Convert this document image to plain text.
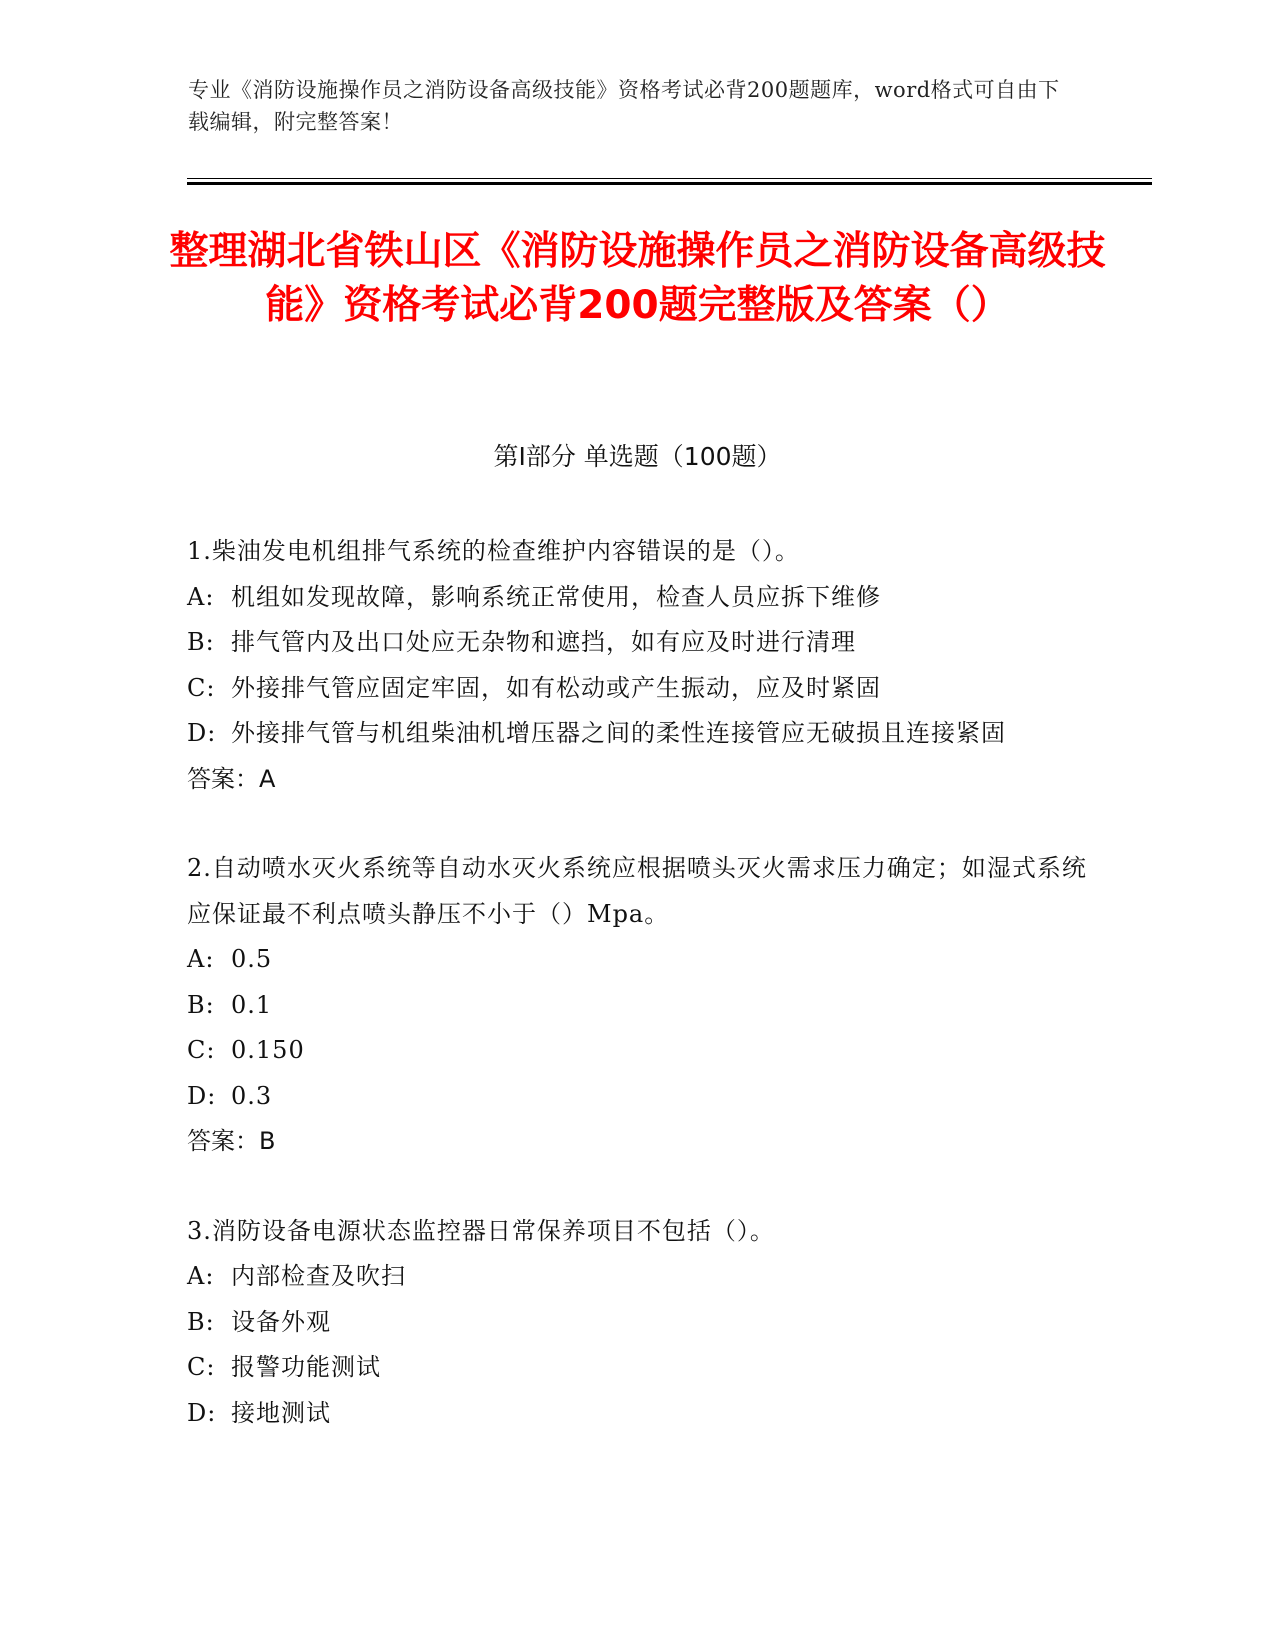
专业《消防设施操作员之消防设备高级技能》资格考试必背200题题库，word格式可自由下载编辑，附完整答案！
整理湖北省铁山区《消防设施操作员之消防设备高级技能》资格考试必背200题完整版及答案（）
第Ⅰ部分 单选题（100题）
1.柴油发电机组排气系统的检查维护内容错误的是（）。
A: 机组如发现故障，影响系统正常使用，检查人员应拆下维修
B: 排气管内及出口处应无杂物和遮挡，如有应及时进行清理
C: 外接排气管应固定牢固，如有松动或产生振动，应及时紧固
D: 外接排气管与机组柴油机增压器之间的柔性连接管应无破损且连接紧固
答案：A
2.自动喷水灭火系统等自动水灭火系统应根据喷头灭火需求压力确定；如湿式系统应保证最不利点喷头静压不小于（）Mpa。
A: 0.5
B: 0.1
C: 0.150
D: 0.3
答案：B
3.消防设备电源状态监控器日常保养项目不包括（）。
A: 内部检查及吹扫
B: 设备外观
C: 报警功能测试
D: 接地测试
